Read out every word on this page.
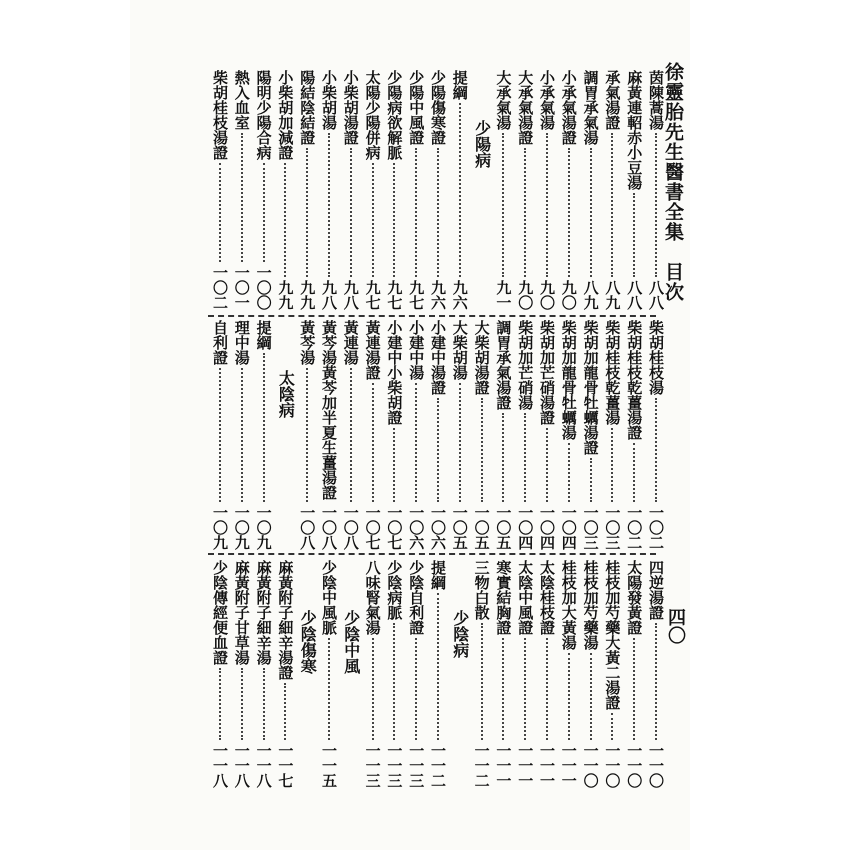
徐靈胎先生醫書全集　目次
四〇
茵陳蒿湯
八八
麻黃連軺赤小豆湯
八八
承氣湯證
八九
調胃承氣湯
八九
小承氣湯證
九〇
小承氣湯
九〇
大承氣湯證
九〇
大承氣湯
九一
少陽病
提綱
九六
少陽傷寒證
九六
少陽中風證
九七
少陽病欲解脈
九七
太陽少陽併病
九七
小柴胡湯證
九八
小柴胡湯
九八
陽結陰結證
九九
小柴胡加減證
九九
陽明少陽合病
一〇〇
熱入血室
一〇一
柴胡桂枝湯證
一〇二
柴胡桂枝湯
一〇二
柴胡桂枝乾薑湯證
一〇二
柴胡桂枝乾薑湯
一〇三
柴胡加龍骨牡蠣湯證
一〇三
柴胡加龍骨牡蠣湯
一〇四
柴胡加芒硝湯證
一〇四
柴胡加芒硝湯
一〇四
調胃承氣湯證
一〇五
大柴胡湯證
一〇五
大柴胡湯
一〇五
小建中湯證
一〇六
小建中湯
一〇六
小建中小柴胡證
一〇七
黃連湯證
一〇七
黃連湯
一〇八
黃芩湯黃芩加半夏生薑湯證
一〇八
黃芩湯
一〇八
太陰病
提綱
一〇九
理中湯
一〇九
自利證
一〇九
四逆湯證
一一〇
太陽發黃證
一一〇
桂枝加芍藥大黃二湯證
一一〇
桂枝加芍藥湯
一一〇
桂枝加大黃湯
一一一
太陰桂枝證
一一一
太陰中風證
一一一
寒實結胸證
一一一
三物白散
一一二
少陰病
提綱
一一二
少陰自利證
一一三
少陰病脈
一一三
八味腎氣湯
一一三
少陰中風
少陰中風脈
一一五
少陰傷寒
麻黃附子細辛湯證
一一七
麻黃附子細辛湯
一一八
麻黃附子甘草湯
一一八
少陰傳經便血證
一一八
